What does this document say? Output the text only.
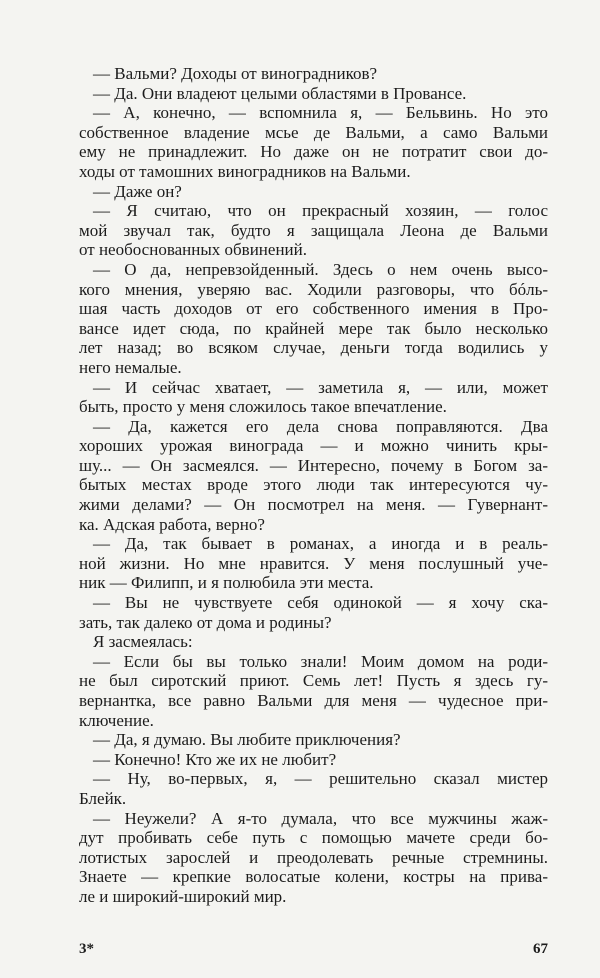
— Вальми? Доходы от виноградников?
— Да. Они владеют целыми областями в Провансе.
— А, конечно, — вспомнила я, — Бельвинь. Но это
собственное владение мсье де Вальми, а само Вальми
ему не принадлежит. Но даже он не потратит свои до-
ходы от тамошних виноградников на Вальми.
— Даже он?
— Я считаю, что он прекрасный хозяин, — голос
мой звучал так, будто я защищала Леона де Вальми
от необоснованных обвинений.
— О да, непревзойденный. Здесь о нем очень высо-
кого мнения, уверяю вас. Ходили разговоры, что бóль-
шая часть доходов от его собственного имения в Про-
вансе идет сюда, по крайней мере так было несколько
лет назад; во всяком случае, деньги тогда водились у
него немалые.
— И сейчас хватает, — заметила я, — или, может
быть, просто у меня сложилось такое впечатление.
— Да, кажется его дела снова поправляются. Два
хороших урожая винограда — и можно чинить кры-
шу... — Он засмеялся. — Интересно, почему в Богом за-
бытых местах вроде этого люди так интересуются чу-
жими делами? — Он посмотрел на меня. — Гувернант-
ка. Адская работа, верно?
— Да, так бывает в романах, а иногда и в реаль-
ной жизни. Но мне нравится. У меня послушный уче-
ник — Филипп, и я полюбила эти места.
— Вы не чувствуете себя одинокой — я хочу ска-
зать, так далеко от дома и родины?
Я засмеялась:
— Если бы вы только знали! Моим домом на роди-
не был сиротский приют. Семь лет! Пусть я здесь гу-
вернантка, все равно Вальми для меня — чудесное при-
ключение.
— Да, я думаю. Вы любите приключения?
— Конечно! Кто же их не любит?
— Ну, во-первых, я, — решительно сказал мистер
Блейк.
— Неужели? А я-то думала, что все мужчины жаж-
дут пробивать себе путь с помощью мачете среди бо-
лотистых зарослей и преодолевать речные стремнины.
Знаете — крепкие волосатые колени, костры на прива-
ле и широкий-широкий мир.
3*	67
